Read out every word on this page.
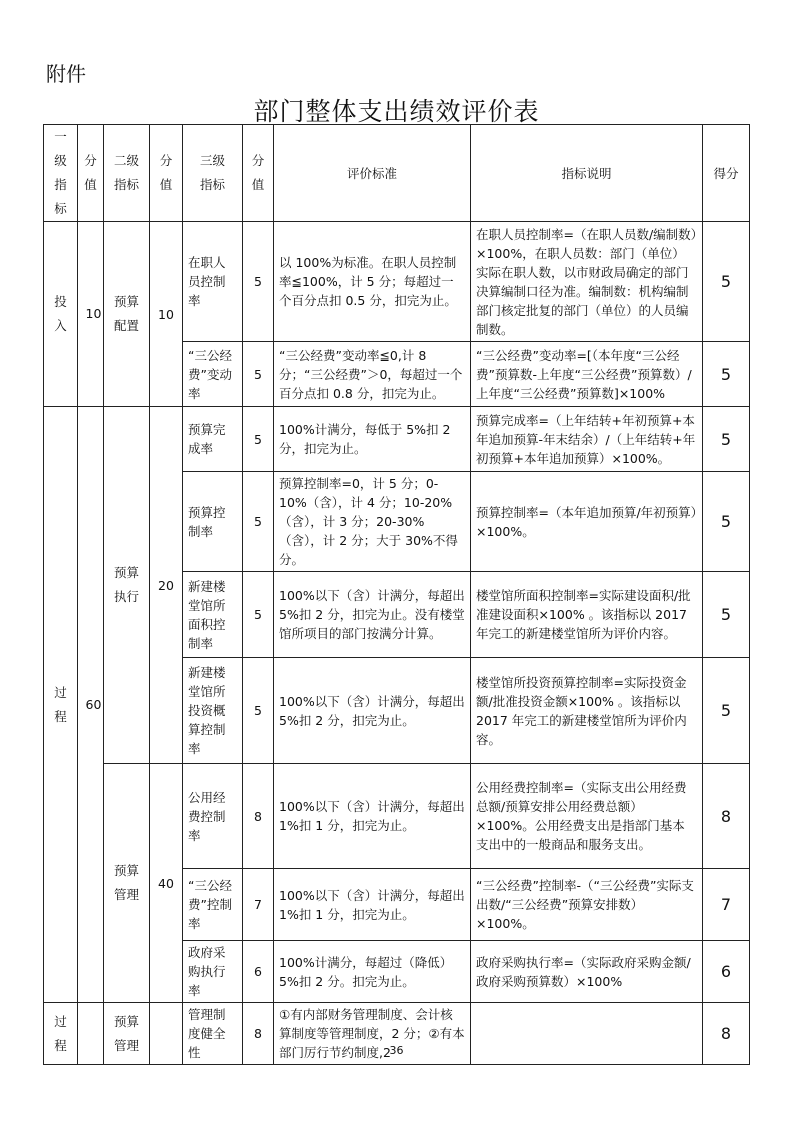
附件
部门整体支出绩效评价表
一级指标	分值	二级指标	分值	三级指标	分值	评价标准	指标说明	得分
投入	10	预算配置	10	在职人员控制率	5	以 100%为标准。在职人员控制率≦100%，计 5 分；每超过一个百分点扣 0.5 分，扣完为止。	在职人员控制率=（在职人员数/编制数）×100%，在职人员数：部门（单位）实际在职人数，以市财政局确定的部门决算编制口径为准。编制数：机构编制部门核定批复的部门（单位）的人员编制数。	5
				“三公经费”变动率	5	“三公经费”变动率≦0,计 8 分；“三公经费”＞0，每超过一个百分点扣 0.8 分，扣完为止。	“三公经费”变动率=[（本年度“三公经费”预算数-上年度“三公经费”预算数）/上年度“三公经费”预算数]×100%	5
过程	60	预算执行	20	预算完成率	5	100%计满分，每低于 5%扣 2 分，扣完为止。	预算完成率=（上年结转+年初预算+本年追加预算-年末结余）/（上年结转+年初预算+本年追加预算）×100%。	5
				预算控制率	5	预算控制率=0，计 5 分；0-10%（含），计 4 分；10-20%（含），计 3 分；20-30%（含），计 2 分；大于 30%不得分。	预算控制率=（本年追加预算/年初预算）×100%。	5
				新建楼堂馆所面积控制率	5	100%以下（含）计满分，每超出 5%扣 2 分，扣完为止。没有楼堂馆所项目的部门按满分计算。	楼堂馆所面积控制率=实际建设面积/批准建设面积×100% 。该指标以 2017 年完工的新建楼堂馆所为评价内容。	5
				新建楼堂馆所投资概算控制率	5	100%以下（含）计满分，每超出 5%扣 2 分，扣完为止。	楼堂馆所投资预算控制率=实际投资金额/批准投资金额×100% 。该指标以 2017 年完工的新建楼堂馆所为评价内容。	5
		预算管理	40	公用经费控制率	8	100%以下（含）计满分，每超出 1%扣 1 分，扣完为止。	公用经费控制率=（实际支出公用经费总额/预算安排公用经费总额）×100%。公用经费支出是指部门基本支出中的一般商品和服务支出。	8
				“三公经费”控制率	7	100%以下（含）计满分，每超出 1%扣 1 分，扣完为止。	“三公经费”控制率-（“三公经费”实际支出数/“三公经费”预算安排数）×100%。	7
				政府采购执行率	6	100%计满分，每超过（降低）5%扣 2 分。扣完为止。	政府采购执行率=（实际政府采购金额/政府采购预算数）×100%	6
过程		预算管理		管理制度健全性	8	①有内部财务管理制度、会计核算制度等管理制度，2 分；②有本部门厉行节约制度,2		8
36
